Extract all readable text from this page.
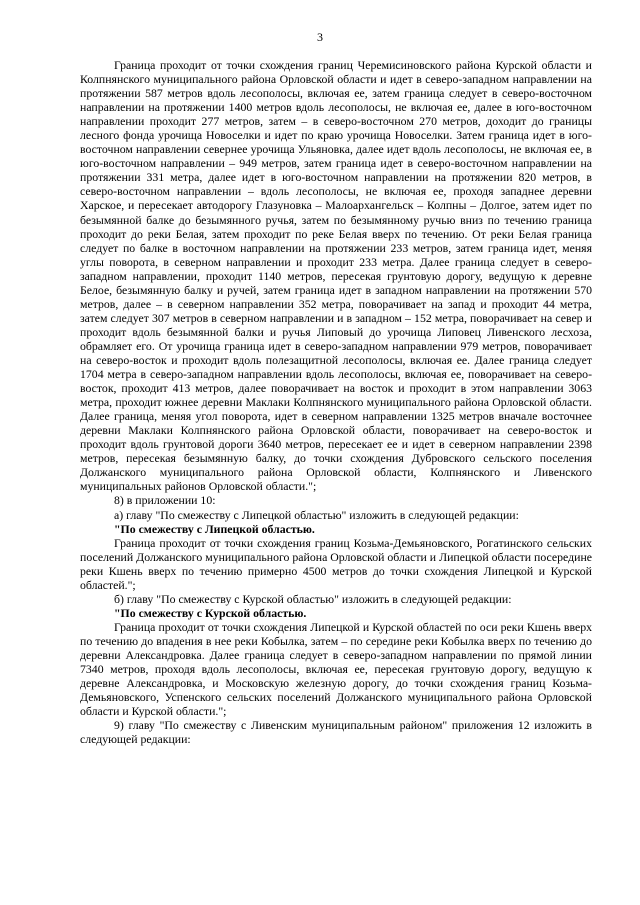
3

Граница проходит от точки схождения границ Черемисиновского района Курской области и Колпнянского муниципального района Орловской области и идет в северо-западном направлении на протяжении 587 метров вдоль лесополосы, включая ее, затем граница следует в северо-восточном направлении на протяжении 1400 метров вдоль лесополосы, не включая ее, далее в юго-восточном направлении проходит 277 метров, затем – в северо-восточном 270 метров, доходит до границы лесного фонда урочища Новоселки и идет по краю урочища Новоселки. Затем граница идет в юго-восточном направлении севернее урочища Ульяновка, далее идет вдоль лесополосы, не включая ее, в юго-восточном направлении – 949 метров, затем граница идет в северо-восточном направлении на протяжении 331 метра, далее идет в юго-восточном направлении на протяжении 820 метров, в северо-восточном направлении – вдоль лесополосы, не включая ее, проходя западнее деревни Харское, и пересекает автодорогу Глазуновка – Малоархангельск – Колпны – Долгое, затем идет по безымянной балке до безымянного ручья, затем по безымянному ручью вниз по течению граница проходит до реки Белая, затем проходит по реке Белая вверх по течению. От реки Белая граница следует по балке в восточном направлении на протяжении 233 метров, затем граница идет, меняя углы поворота, в северном направлении и проходит 233 метра. Далее граница следует в северо-западном направлении, проходит 1140 метров, пересекая грунтовую дорогу, ведущую к деревне Белое, безымянную балку и ручей, затем граница идет в западном направлении на протяжении 570 метров, далее – в северном направлении 352 метра, поворачивает на запад и проходит 44 метра, затем следует 307 метров в северном направлении и в западном – 152 метра, поворачивает на север и проходит вдоль безымянной балки и ручья Липовый до урочища Липовец Ливенского лесхоза, обрамляет его. От урочища граница идет в северо-западном направлении 979 метров, поворачивает на северо-восток и проходит вдоль полезащитной лесополосы, включая ее. Далее граница следует 1704 метра в северо-западном направлении вдоль лесополосы, включая ее, поворачивает на северо-восток, проходит 413 метров, далее поворачивает на восток и проходит в этом направлении 3063 метра, проходит южнее деревни Маклаки Колпнянского муниципального района Орловской области. Далее граница, меняя угол поворота, идет в северном направлении 1325 метров вначале восточнее деревни Маклаки Колпнянского района Орловской области, поворачивает на северо-восток и проходит вдоль грунтовой дороги 3640 метров, пересекает ее и идет в северном направлении 2398 метров, пересекая безымянную балку, до точки схождения Дубровского сельского поселения Должанского муниципального района Орловской области, Колпнянского и Ливенского муниципальных районов Орловской области.";

8) в приложении 10:

а) главу "По смежеству с Липецкой областью" изложить в следующей редакции:

"По смежеству с Липецкой областью.

Граница проходит от точки схождения границ Козьма-Демьяновского, Рогатинского сельских поселений Должанского муниципального района Орловской области и Липецкой области посередине реки Кшень вверх по течению примерно 4500 метров до точки схождения Липецкой и Курской областей.";

б) главу "По смежеству с Курской областью" изложить в следующей редакции:

"По смежеству с Курской областью.

Граница проходит от точки схождения Липецкой и Курской областей по оси реки Кшень вверх по течению до впадения в нее реки Кобылка, затем – по середине реки Кобылка вверх по течению до деревни Александровка. Далее граница следует в северо-западном направлении по прямой линии 7340 метров, проходя вдоль лесополосы, включая ее, пересекая грунтовую дорогу, ведущую к деревне Александровка, и Московскую железную дорогу, до точки схождения границ Козьма-Демьяновского, Успенского сельских поселений Должанского муниципального района Орловской области и Курской области.";

9) главу "По смежеству с Ливенским муниципальным районом" приложения 12 изложить в следующей редакции:
